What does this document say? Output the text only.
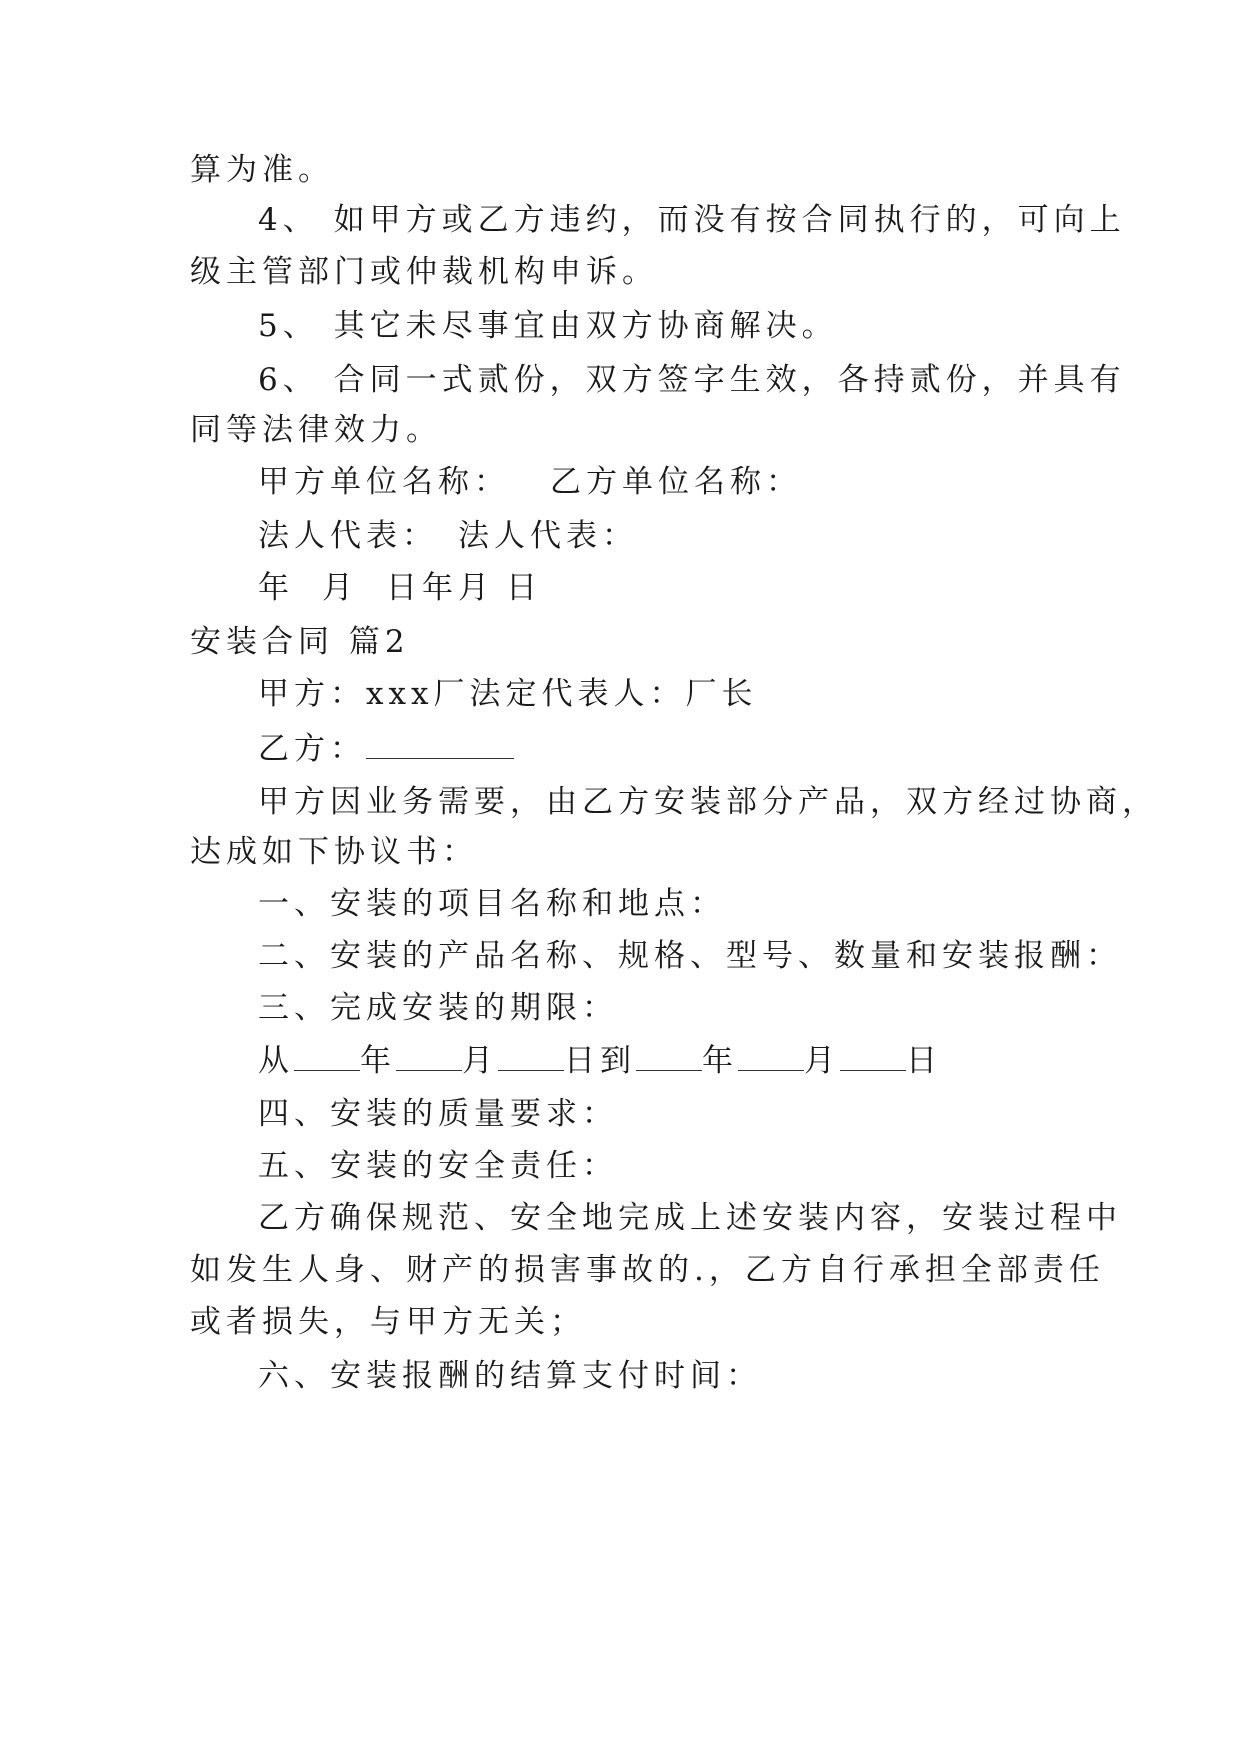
算为准。
4、 如甲方或乙方违约，而没有按合同执行的，可向上
级主管部门或仲裁机构申诉。
5、 其它未尽事宜由双方协商解决。
6、 合同一式贰份，双方签字生效，各持贰份，并具有
同等法律效力。
甲方单位名称： 乙方单位名称：
法人代表： 法人代表：
年 月 日年月 日
安装合同 篇2
甲方：xxx厂法定代表人：厂长
乙方：
甲方因业务需要，由乙方安装部分产品，双方经过协商，
达成如下协议书：
一、安装的项目名称和地点：
二、安装的产品名称、规格、型号、数量和安装报酬：
三、完成安装的期限：
从 年 月 日到 年 月 日
四、安装的质量要求：
五、安装的安全责任：
乙方确保规范、安全地完成上述安装内容，安装过程中
如发生人身、财产的损害事故的.，乙方自行承担全部责任
或者损失，与甲方无关；
六、安装报酬的结算支付时间：
